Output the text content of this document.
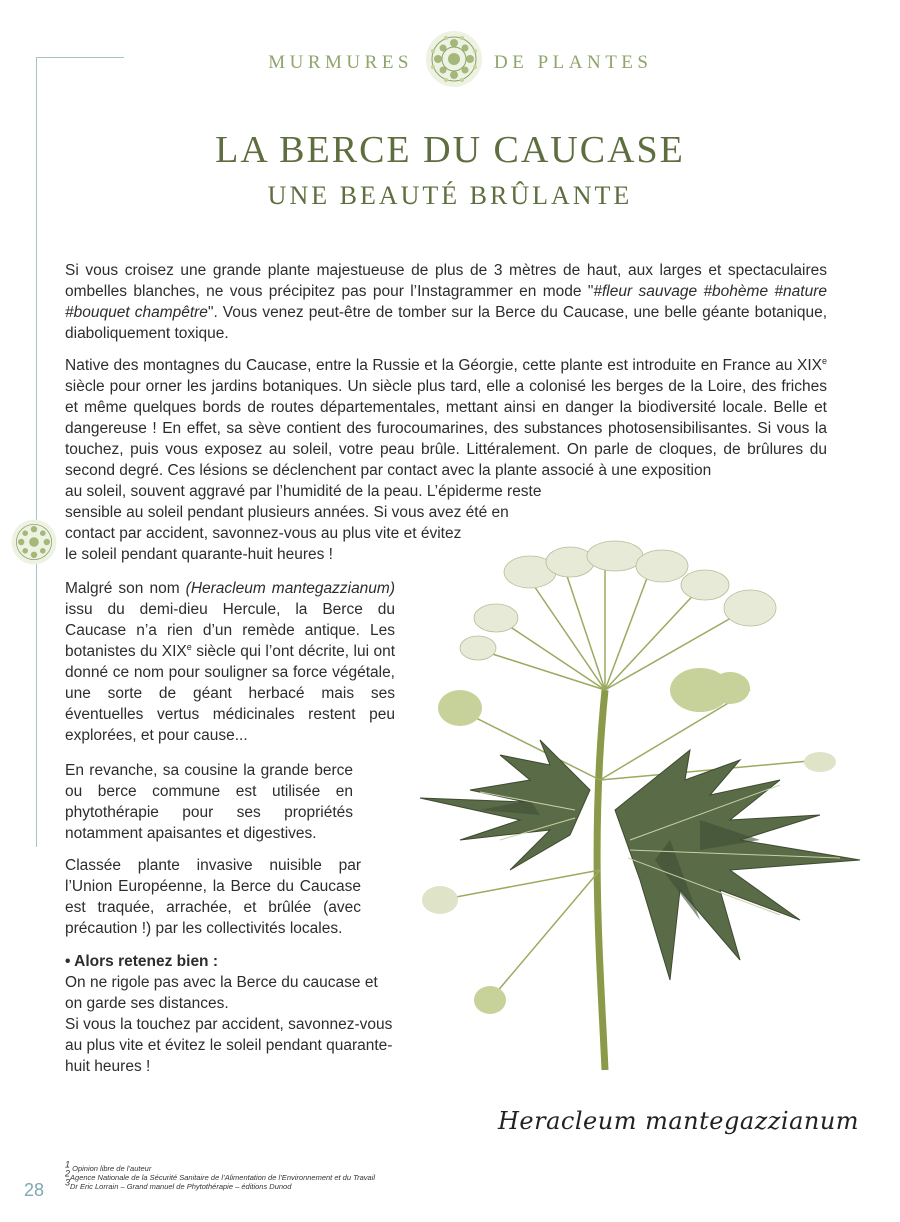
MURMURES	DE PLANTES
LA BERCE DU CAUCASE
UNE BEAUTÉ BRÛLANTE

Si vous croisez une grande plante majestueuse de plus de 3 mètres de haut, aux larges et spectaculaires ombelles blanches, ne vous précipitez pas pour l’Instagrammer en mode "#fleur sauvage #bohème #nature #bouquet champêtre". Vous venez peut-être de tomber sur la Berce du Caucase, une belle géante botanique, diaboliquement toxique.

Native des montagnes du Caucase, entre la Russie et la Géorgie, cette plante est introduite en France au XIXe siècle pour orner les jardins botaniques. Un siècle plus tard, elle a colonisé les berges de la Loire, des friches et même quelques bords de routes départementales, mettant ainsi en danger la biodiversité locale. Belle et dangereuse ! En effet, sa sève contient des furocoumarines, des substances photosensibilisantes. Si vous la touchez, puis vous exposez au soleil, votre peau brûle. Littéralement. On parle de cloques, de brûlures du second degré. Ces lésions se déclenchent par contact avec la plante associé à une exposition

au soleil, souvent aggravé par l’humidité de la peau. L’épiderme reste

sensible au soleil pendant plusieurs années. Si vous avez été en

contact par accident, savonnez-vous au plus vite et évitez

le soleil pendant quarante-huit heures !

Malgré son nom (Heracleum mantegazzianum) issu du demi-dieu Hercule, la Berce du Caucase n’a rien d’un remède antique. Les botanistes du XIXe siècle qui l’ont décrite, lui ont donné ce nom pour souligner sa force végétale, une sorte de géant herbacé mais ses éventuelles vertus médicinales restent peu explorées, et pour cause...

En revanche, sa cousine la grande berce ou berce commune est utilisée en phytothérapie pour ses propriétés notamment apaisantes et digestives.

Classée plante invasive nuisible par l’Union Européenne, la Berce du Caucase est traquée, arrachée, et brûlée (avec précaution !) par les collectivités locales.

• Alors retenez bien :
On ne rigole pas avec la Berce du caucase et
on garde ses distances.
Si vous la touchez par accident, savonnez-vous
au plus vite et évitez le soleil pendant quarante-
huit heures !

Heracleum mantegazzianum
$^1$ Opinion libre de l’auteur
$^2$Agence Nationale de la Sécurité Sanitaire de l’Alimentation de l’Environnement et du Travail
$^3$Dr Eric Lorrain – Grand manuel de Phytothérapie – éditions Dunod
28
